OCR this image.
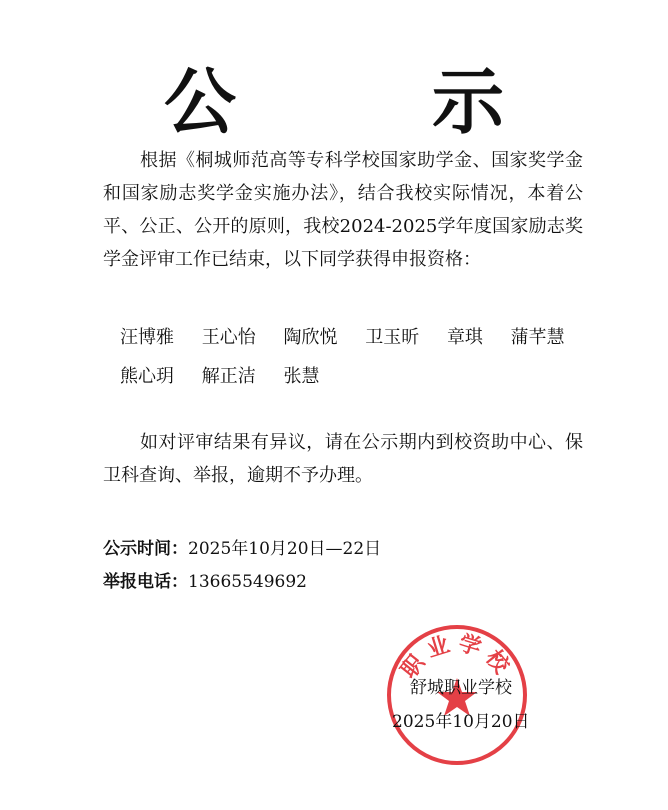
公　示
根据《桐城师范高等专科学校国家助学金、国家奖学金和国家励志奖学金实施办法》，结合我校实际情况，本着公平、公正、公开的原则，我校2024-2025学年度国家励志奖学金评审工作已结束，以下同学获得申报资格：
汪博雅 王心怡 陶欣悦 卫玉昕 章琪 蒲芊慧
熊心玥 解正洁 张慧
如对评审结果有异议，请在公示期内到校资助中心、保卫科查询、举报，逾期不予办理。
公示时间：2025年10月20日—22日
举报电话：13665549692
职业学校
舒城职业学校
2025年10月20日
